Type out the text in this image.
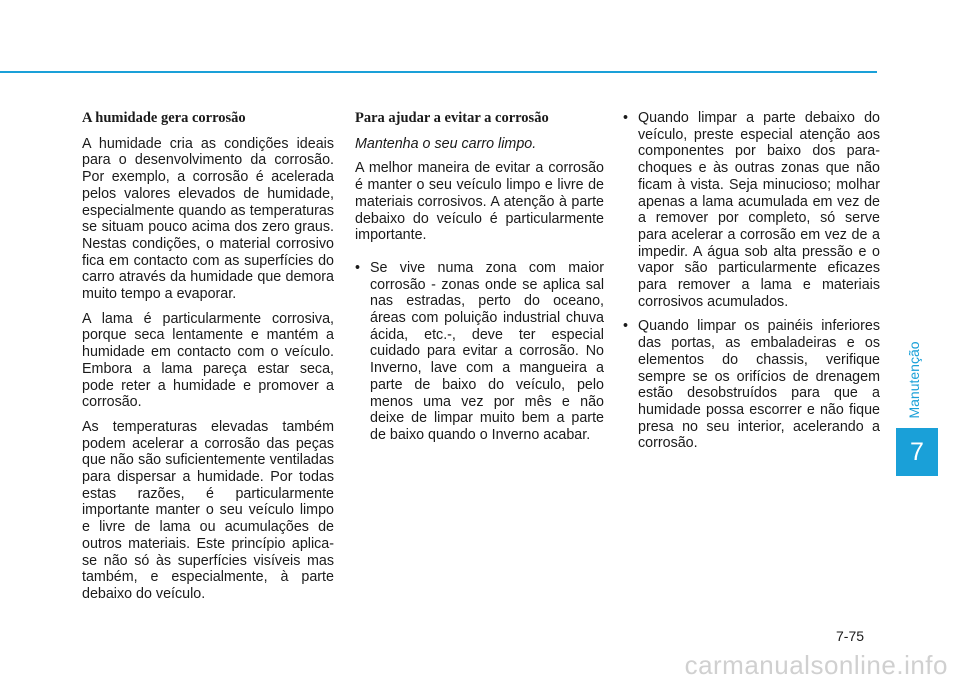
A humidade gera corrosão

A humidade cria as condições ideais para o desenvolvimento da corrosão. Por exemplo, a corrosão é acelerada pelos valores elevados de humidade, especialmente quando as temperaturas se situam pouco acima dos zero graus. Nestas condições, o material corrosivo fica em contacto com as superfícies do carro através da humidade que demora muito tempo a evaporar.

A lama é particularmente corrosiva, porque seca lentamente e mantém a humidade em contacto com o veículo. Embora a lama pareça estar seca, pode reter a humidade e promover a corrosão.

As temperaturas elevadas também podem acelerar a corrosão das peças que não são suficientemente ventiladas para dispersar a humidade. Por todas estas razões, é particularmente importante manter o seu veículo limpo e livre de lama ou acumulações de outros materiais. Este princípio aplica-se não só às superfícies visíveis mas também, e especialmente, à parte debaixo do veículo.

Para ajudar a evitar a corrosão

Mantenha o seu carro limpo.

A melhor maneira de evitar a corrosão é manter o seu veículo limpo e livre de materiais corrosivos. A atenção à parte debaixo do veículo é particularmente importante.

• Se vive numa zona com maior corrosão - zonas onde se aplica sal nas estradas, perto do oceano, áreas com poluição industrial chuva ácida, etc.-, deve ter especial cuidado para evitar a corrosão. No Inverno, lave com a mangueira a parte de baixo do veículo, pelo menos uma vez por mês e não deixe de limpar muito bem a parte de baixo quando o Inverno acabar.
• Quando limpar a parte debaixo do veículo, preste especial atenção aos componentes por baixo dos para-choques e às outras zonas que não ficam à vista. Seja minucioso; molhar apenas a lama acumulada em vez de a remover por completo, só serve para acelerar a corrosão em vez de a impedir. A água sob alta pressão e o vapor são particularmente eficazes para remover a lama e materiais corrosivos acumulados.
• Quando limpar os painéis inferiores das portas, as embaladeiras e os elementos do chassis, verifique sempre se os orifícios de drenagem estão desobstruídos para que a humidade possa escorrer e não fique presa no seu interior, acelerando a corrosão.
Manutenção
7
7-75
carmanualsonline.info
